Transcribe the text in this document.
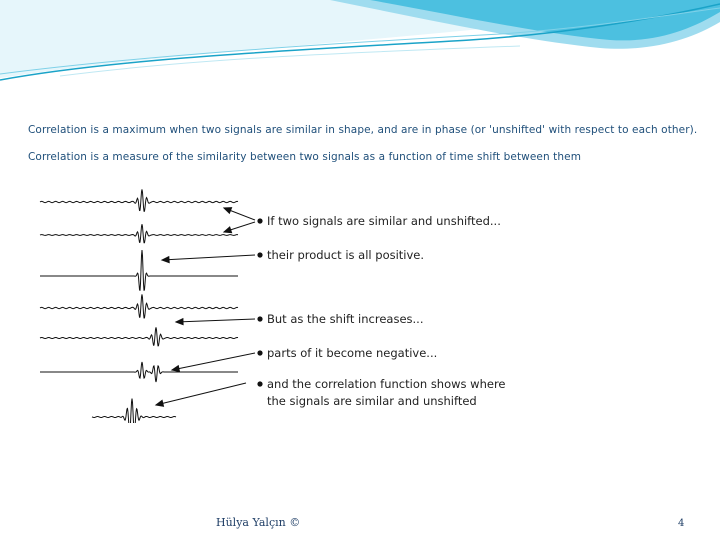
Correlation is a maximum when two signals are similar in shape, and are in phase (or 'unshifted' with respect to each other).
Correlation is a measure of the similarity between two signals as a function of time shift between them
If two signals are similar and unshifted...
their product is all positive.
But as the shift increases...
parts of it become negative...
and the correlation function shows where
the signals are similar and unshifted
Hülya Yalçın ©	4
